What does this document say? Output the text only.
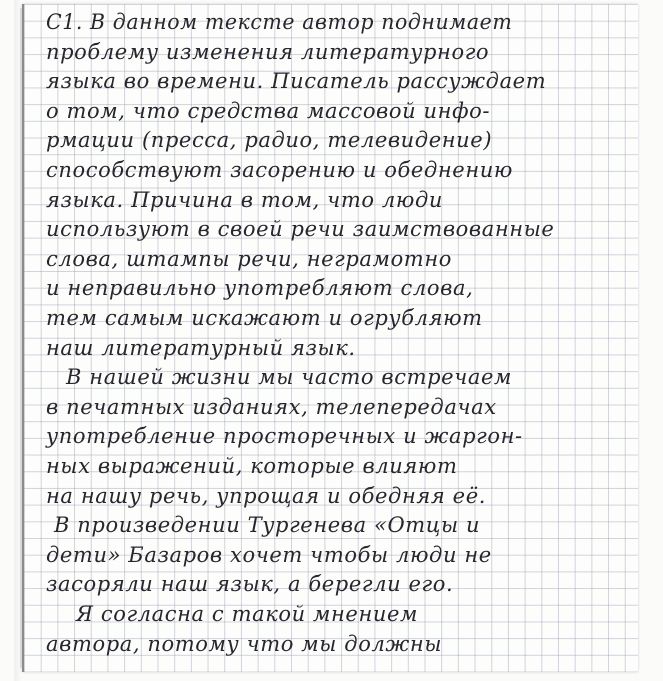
С1. В данном тексте автор поднимает
проблему изменения литературного
языка во времени. Писатель рассуждает
о том, что средства массовой инфо-
рмации (пресса, радио, телевидение)
способствуют засорению и обеднению
языка. Причина в том, что люди
используют в своей речи заимствованные
слова, штампы речи, неграмотно
и неправильно употребляют слова,
тем самым искажают и огрубляют
наш литературный язык.
В нашей жизни мы часто встречаем
в печатных изданиях, телепередачах
употребление просторечных и жаргон-
ных выражений, которые влияют
на нашу речь, упрощая и обедняя её.
В произведении Тургенева «Отцы и
дети» Базаров хочет чтобы люди не
засоряли наш язык, а берегли его.
Я согласна с такой мнением
автора, потому что мы должны
